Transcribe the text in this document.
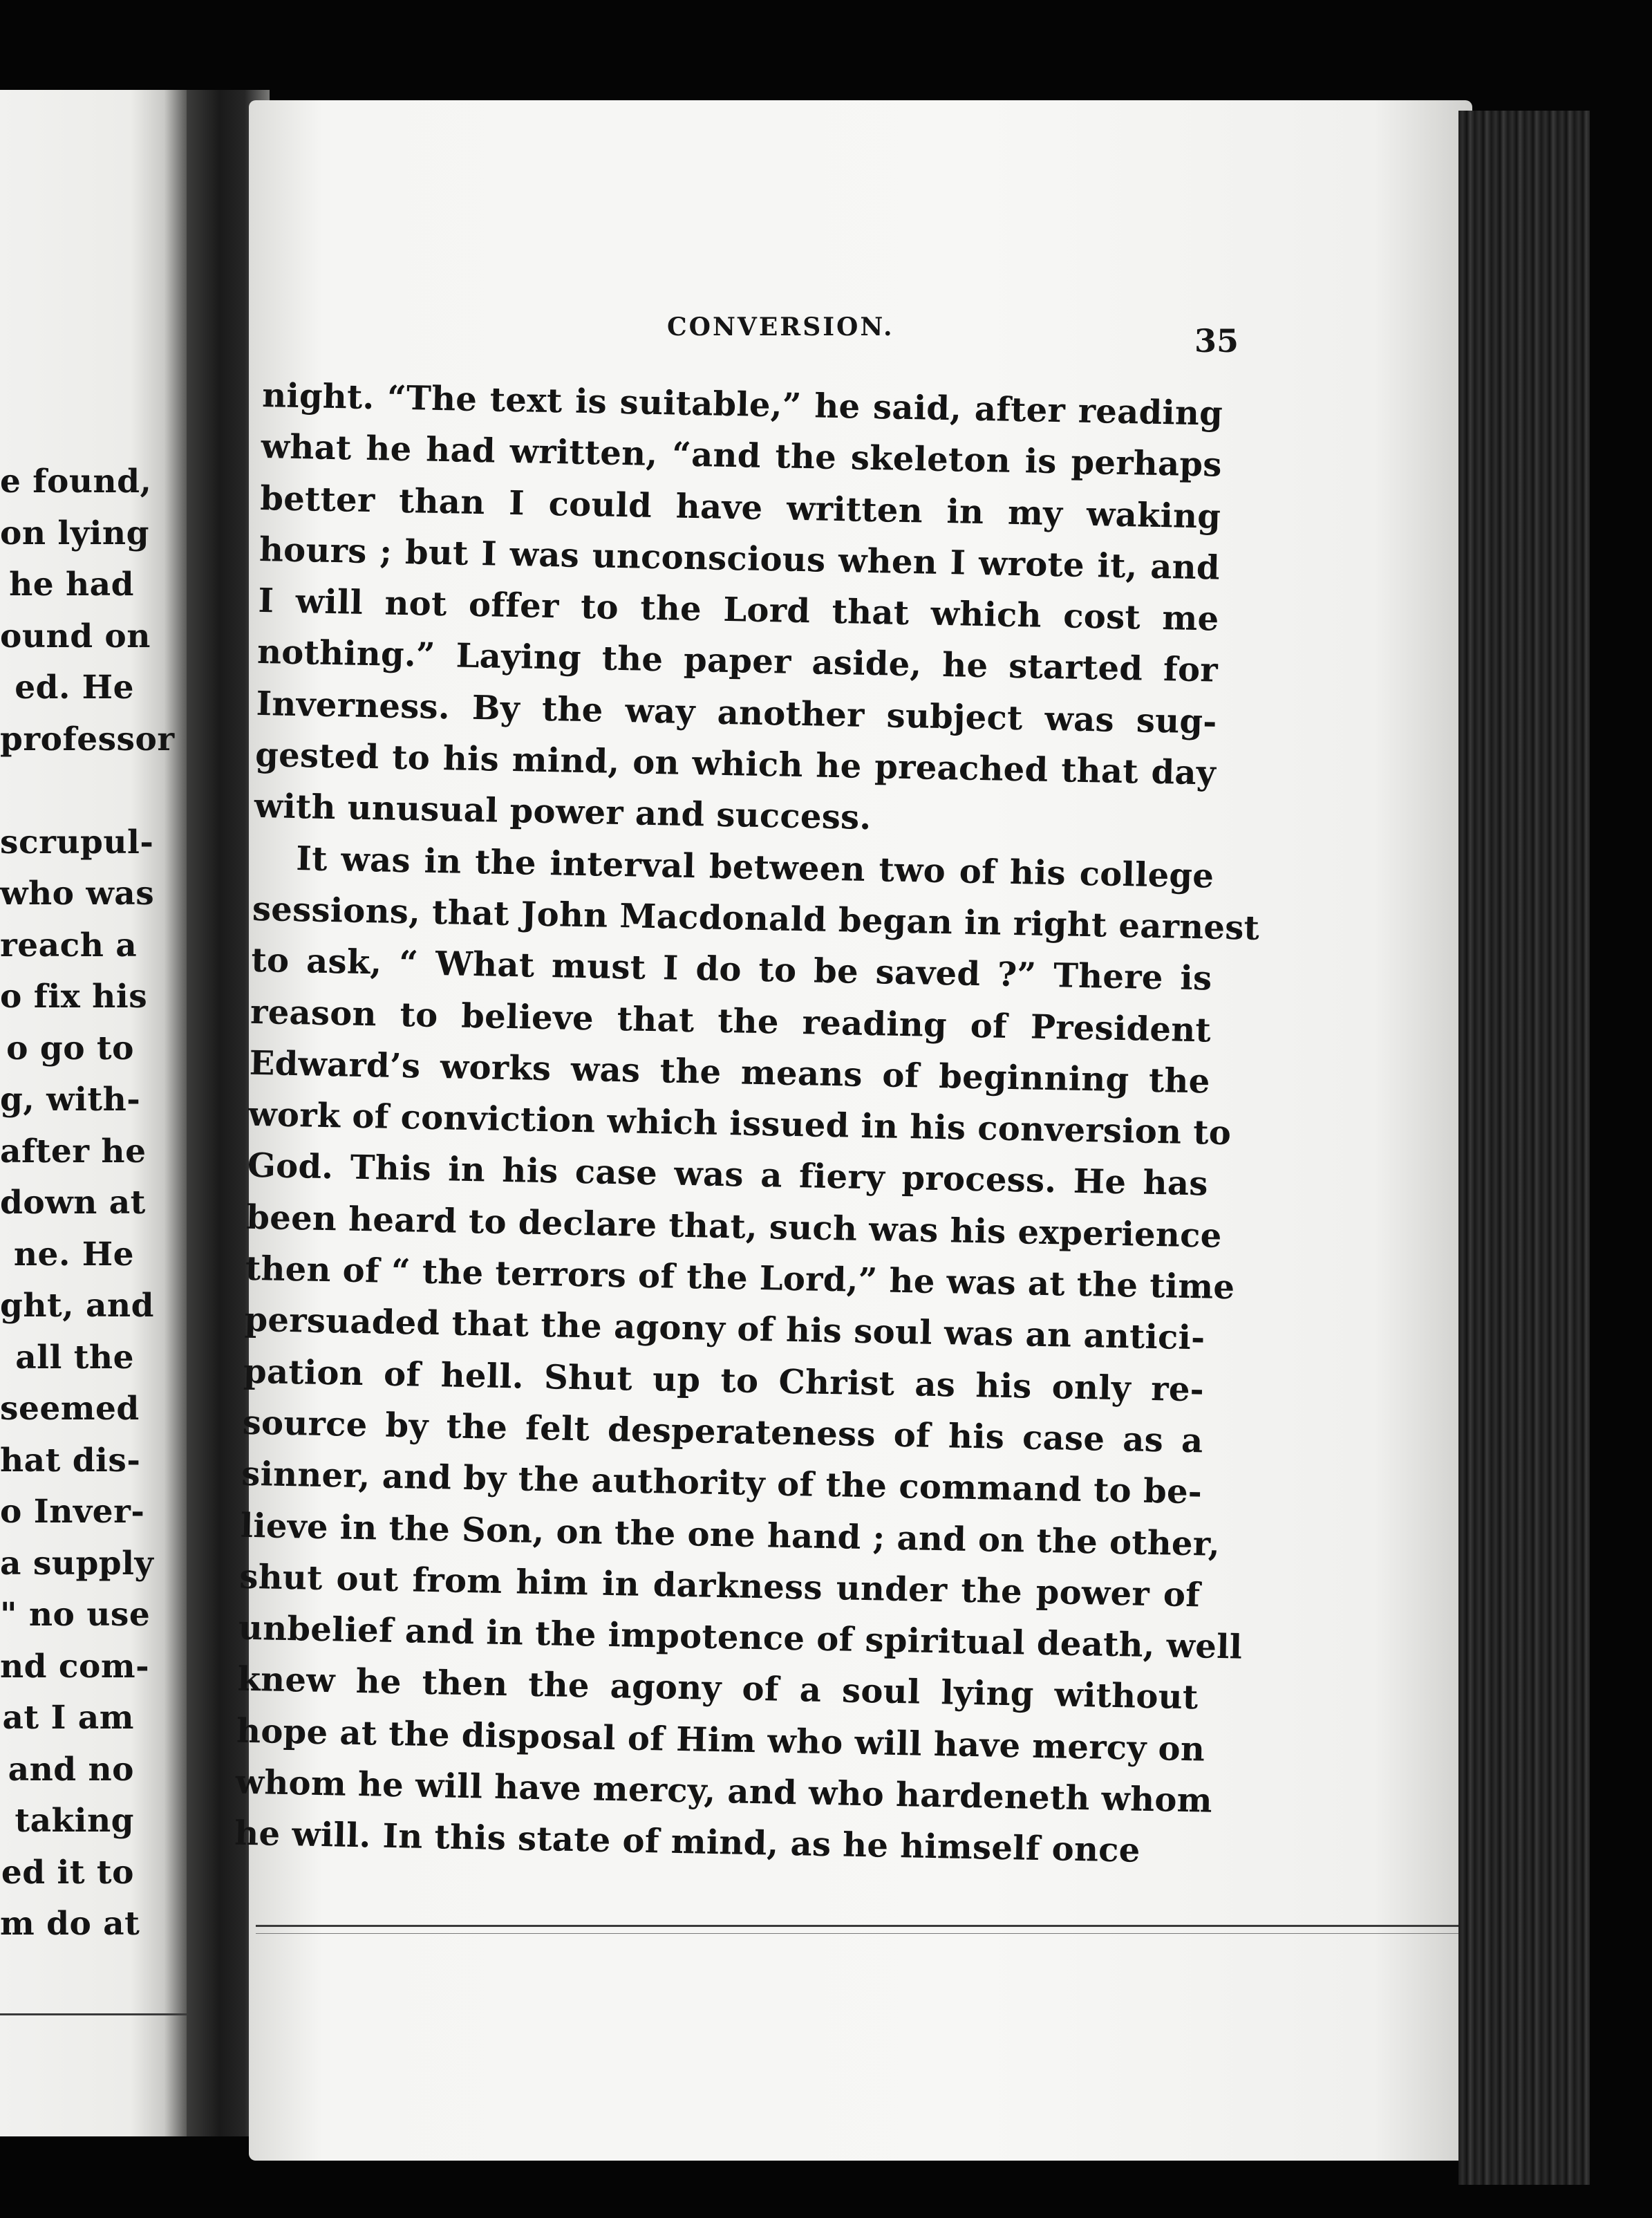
e found,
on lying
he had
ound on
ed. He
professor
scrupul-
who was
reach a
o fix his
o go to
g, with-
after he
down at
ne. He
ght, and
all the
seemed
hat dis-
o Inver-
a supply
" no use
nd com-
at I am
and no
taking
ed it to
m do at
CONVERSION.	35
night. “The text is suitable,” he said, after reading
what he had written, “and the skeleton is perhaps
better than I could have written in my waking
hours ; but I was unconscious when I wrote it, and
I will not offer to the Lord that which cost me
nothing.” Laying the paper aside, he started for
Inverness. By the way another subject was sug-
gested to his mind, on which he preached that day
with unusual power and success.
It was in the interval between two of his college
sessions, that John Macdonald began in right earnest
to ask, “ What must I do to be saved ?” There is
reason to believe that the reading of President
Edward’s works was the means of beginning the
work of conviction which issued in his conversion to
God. This in his case was a fiery process. He has
been heard to declare that, such was his experience
then of “ the terrors of the Lord,” he was at the time
persuaded that the agony of his soul was an antici-
pation of hell. Shut up to Christ as his only re-
source by the felt desperateness of his case as a
sinner, and by the authority of the command to be-
lieve in the Son, on the one hand ; and on the other,
shut out from him in darkness under the power of
unbelief and in the impotence of spiritual death, well
knew he then the agony of a soul lying without
hope at the disposal of Him who will have mercy on
whom he will have mercy, and who hardeneth whom
he will. In this state of mind, as he himself once
